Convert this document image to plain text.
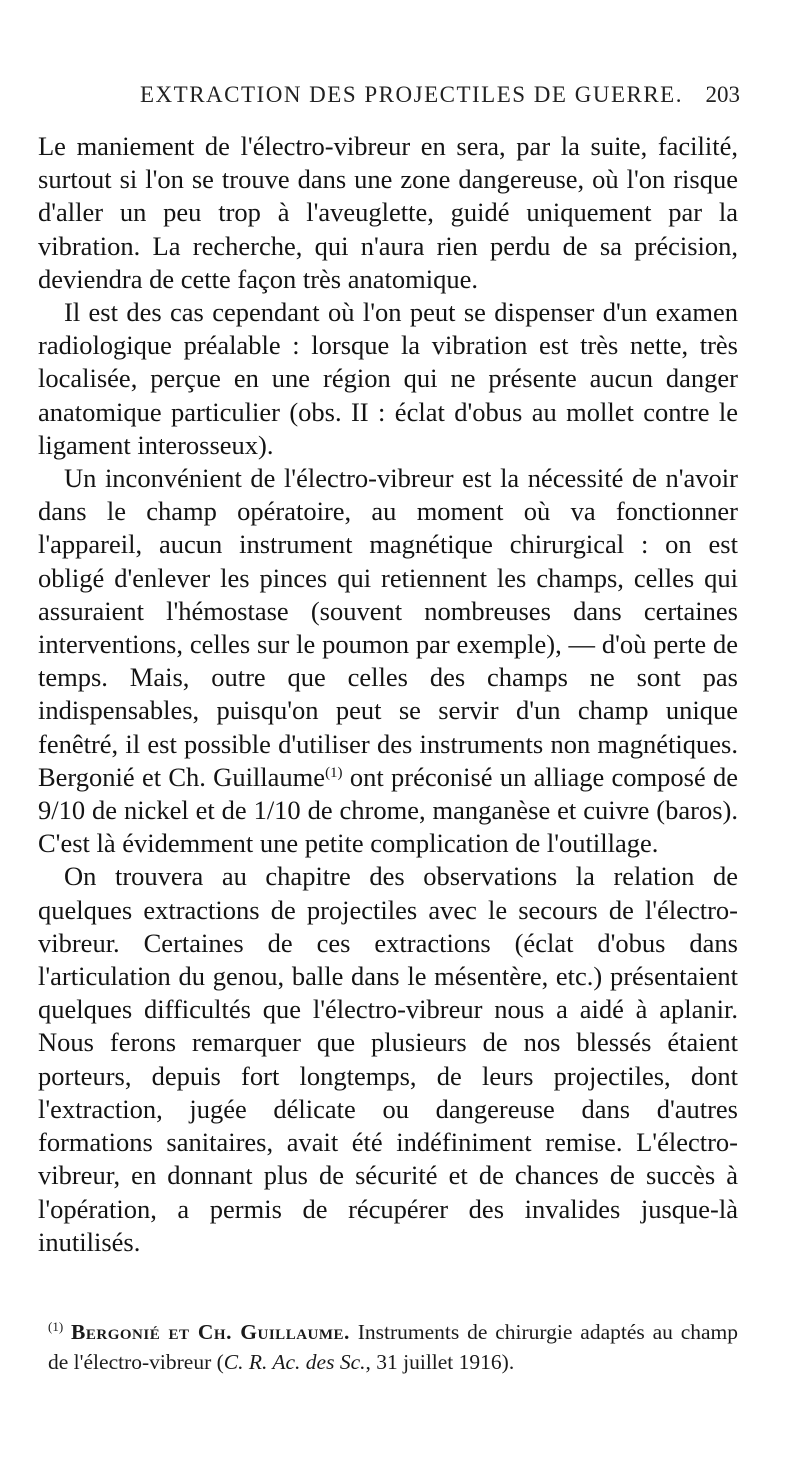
EXTRACTION DES PROJECTILES DE GUERRE. 203

Le maniement de l'électro-vibreur en sera, par la suite, facilité, surtout si l'on se trouve dans une zone dangereuse, où l'on risque d'aller un peu trop à l'aveuglette, guidé uniquement par la vibration. La recherche, qui n'aura rien perdu de sa précision, deviendra de cette façon très anatomique.

Il est des cas cependant où l'on peut se dispenser d'un examen radiologique préalable : lorsque la vibration est très nette, très localisée, perçue en une région qui ne présente aucun danger anatomique particulier (obs. II : éclat d'obus au mollet contre le ligament interosseux).

Un inconvénient de l'électro-vibreur est la nécessité de n'avoir dans le champ opératoire, au moment où va fonctionner l'appareil, aucun instrument magnétique chirurgical : on est obligé d'enlever les pinces qui retiennent les champs, celles qui assuraient l'hémostase (souvent nombreuses dans certaines interventions, celles sur le poumon par exemple), — d'où perte de temps. Mais, outre que celles des champs ne sont pas indispensables, puisqu'on peut se servir d'un champ unique fenêtré, il est possible d'utiliser des instruments non magnétiques. Bergonié et Ch. Guillaume$^{(1)}$ ont préconisé un alliage composé de 9/10 de nickel et de 1/10 de chrome, manganèse et cuivre (baros). C'est là évidemment une petite complication de l'outillage.

On trouvera au chapitre des observations la relation de quelques extractions de projectiles avec le secours de l'électro-vibreur. Certaines de ces extractions (éclat d'obus dans l'articulation du genou, balle dans le mésentère, etc.) présentaient quelques difficultés que l'électro-vibreur nous a aidé à aplanir. Nous ferons remarquer que plusieurs de nos blessés étaient porteurs, depuis fort longtemps, de leurs projectiles, dont l'extraction, jugée délicate ou dangereuse dans d'autres formations sanitaires, avait été indéfiniment remise. L'électro-vibreur, en donnant plus de sécurité et de chances de succès à l'opération, a permis de récupérer des invalides jusque-là inutilisés.

$^{(1)}$ Bergonié et Ch. Guillaume. Instruments de chirurgie adaptés au champ de l'électro-vibreur (C. R. Ac. des Sc., 31 juillet 1916).
